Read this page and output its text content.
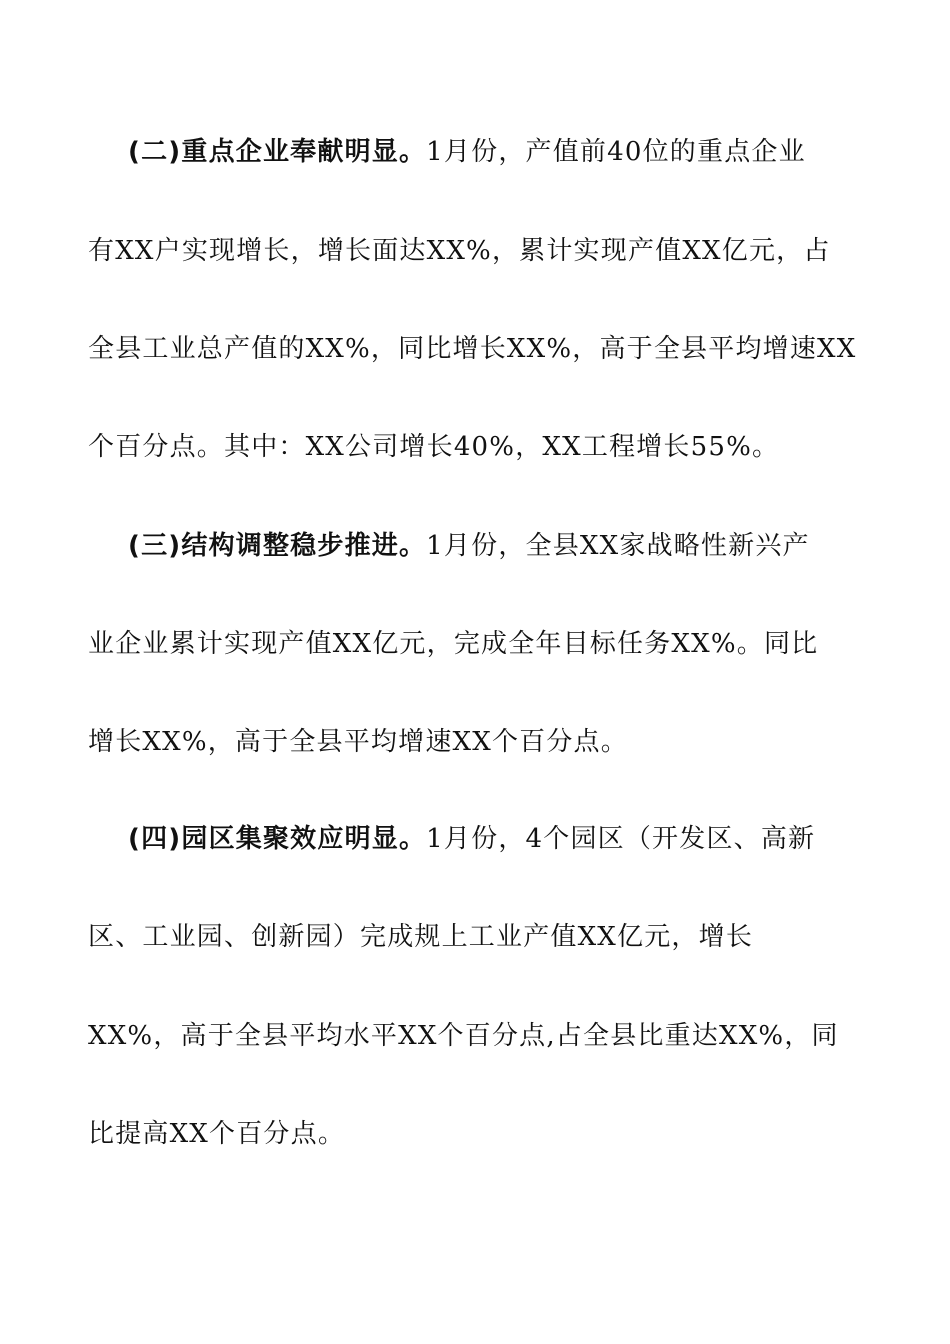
(二)重点企业奉献明显。1月份，产值前40位的重点企业
有XX户实现增长，增长面达XX%，累计实现产值XX亿元，占
全县工业总产值的XX%，同比增长XX%，高于全县平均增速XX
个百分点。其中：XX公司增长40%，XX工程增长55%。
(三)结构调整稳步推进。1月份，全县XX家战略性新兴产
业企业累计实现产值XX亿元，完成全年目标任务XX%。同比
增长XX%，高于全县平均增速XX个百分点。
(四)园区集聚效应明显。1月份，4个园区（开发区、高新
区、工业园、创新园）完成规上工业产值XX亿元，增长
XX%，高于全县平均水平XX个百分点,占全县比重达XX%，同
比提高XX个百分点。
